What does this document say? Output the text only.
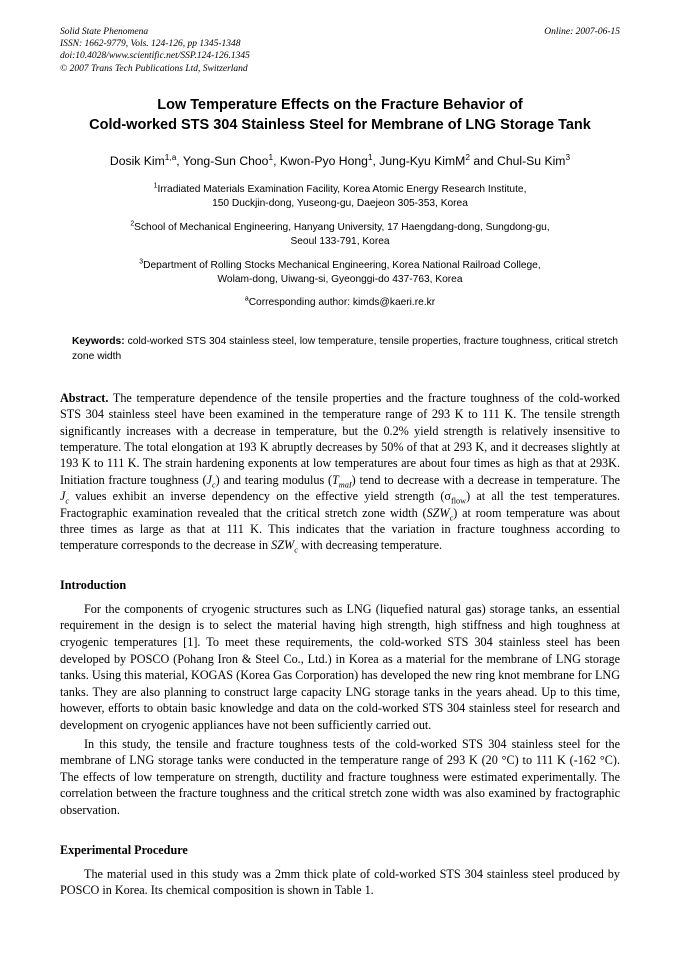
Online: 2007-06-15
Solid State Phenomena
ISSN: 1662-9779, Vols. 124-126, pp 1345-1348
doi:10.4028/www.scientific.net/SSP.124-126.1345
© 2007 Trans Tech Publications Ltd, Switzerland
Low Temperature Effects on the Fracture Behavior of
Cold-worked STS 304 Stainless Steel for Membrane of LNG Storage Tank
Dosik Kim$^{1,a}$, Yong-Sun Choo$^1$, Kwon-Pyo Hong$^1$, Jung-Kyu KimM$^2$ and Chul-Su Kim$^3$
$^1$Irradiated Materials Examination Facility, Korea Atomic Energy Research Institute,
150 Duckjin-dong, Yuseong-gu, Daejeon 305-353, Korea
$^2$School of Mechanical Engineering, Hanyang University, 17 Haengdang-dong, Sungdong-gu,
Seoul 133-791, Korea
$^3$Department of Rolling Stocks Mechanical Engineering, Korea National Railroad College,
Wolam-dong, Uiwang-si, Gyeonggi-do 437-763, Korea
$^a$Corresponding author: kimds@kaeri.re.kr
Keywords: cold-worked STS 304 stainless steel, low temperature, tensile properties, fracture toughness, critical stretch zone width
Abstract. The temperature dependence of the tensile properties and the fracture toughness of the cold-worked STS 304 stainless steel have been examined in the temperature range of 293 K to 111 K. The tensile strength significantly increases with a decrease in temperature, but the 0.2% yield strength is relatively insensitive to temperature. The total elongation at 193 K abruptly decreases by 50% of that at 293 K, and it decreases slightly at 193 K to 111 K. The strain hardening exponents at low temperatures are about four times as high as that at 293K. Initiation fracture toughness $(J_c)$ and tearing modulus $(T_{maI})$ tend to decrease with a decrease in temperature. The $J_c$ values exhibit an inverse dependency on the effective yield strength $(\sigma_{flow})$ at all the test temperatures. Fractographic examination revealed that the critical stretch zone width $(SZW_c)$ at room temperature was about three times as large as that at 111 K. This indicates that the variation in fracture toughness according to temperature corresponds to the decrease in $SZW_c$ with decreasing temperature.
Introduction

For the components of cryogenic structures such as LNG (liquefied natural gas) storage tanks, an essential requirement in the design is to select the material having high strength, high stiffness and high toughness at cryogenic temperatures [1]. To meet these requirements, the cold-worked STS 304 stainless steel has been developed by POSCO (Pohang Iron & Steel Co., Ltd.) in Korea as a material for the membrane of LNG storage tanks. Using this material, KOGAS (Korea Gas Corporation) has developed the new ring knot membrane for LNG tanks. They are also planning to construct large capacity LNG storage tanks in the years ahead. Up to this time, however, efforts to obtain basic knowledge and data on the cold-worked STS 304 stainless steel for research and development on cryogenic appliances have not been sufficiently carried out.

In this study, the tensile and fracture toughness tests of the cold-worked STS 304 stainless steel for the membrane of LNG storage tanks were conducted in the temperature range of 293 K (20 °C) to 111 K (-162 °C). The effects of low temperature on strength, ductility and fracture toughness were estimated experimentally. The correlation between the fracture toughness and the critical stretch zone width was also examined by fractographic observation.

Experimental Procedure

The material used in this study was a 2mm thick plate of cold-worked STS 304 stainless steel produced by POSCO in Korea. Its chemical composition is shown in Table 1.
